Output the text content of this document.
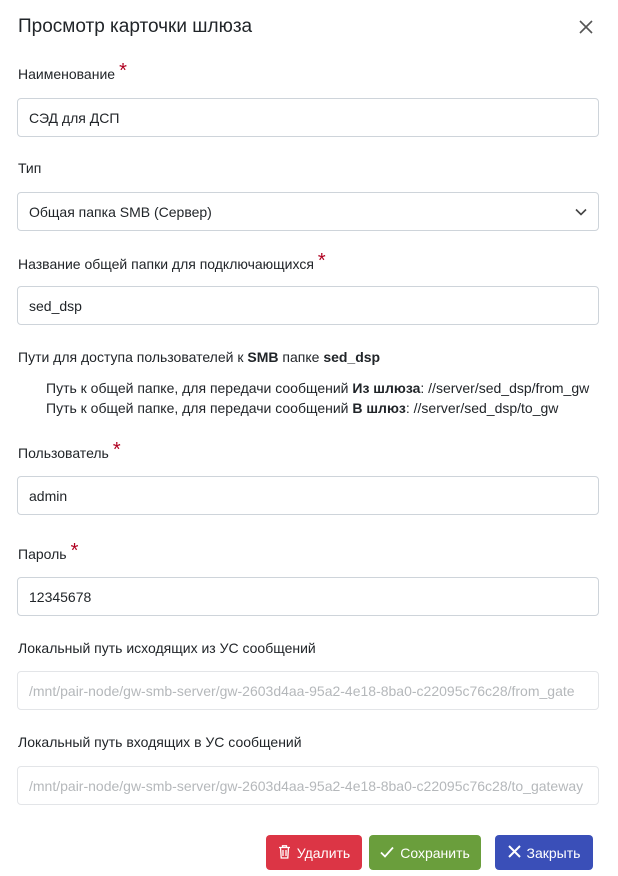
Просмотр карточки шлюза
Наименование *
СЭД для ДСП
Тип
Общая папка SMB (Сервер)
Название общей папки для подключающихся *
sed_dsp
Пути для доступа пользователей к SMB папке sed_dsp
Путь к общей папке, для передачи сообщений Из шлюза: //server/sed_dsp/from_gw
Путь к общей папке, для передачи сообщений В шлюз: //server/sed_dsp/to_gw
Пользователь *
admin
Пароль *
12345678
Локальный путь исходящих из УС сообщений
/mnt/pair-node/gw-smb-server/gw-2603d4aa-95a2-4e18-8ba0-c22095c76c28/from_gate
Локальный путь входящих в УС сообщений
/mnt/pair-node/gw-smb-server/gw-2603d4aa-95a2-4e18-8ba0-c22095c76c28/to_gateway
Удалить	Сохранить	Закрыть
